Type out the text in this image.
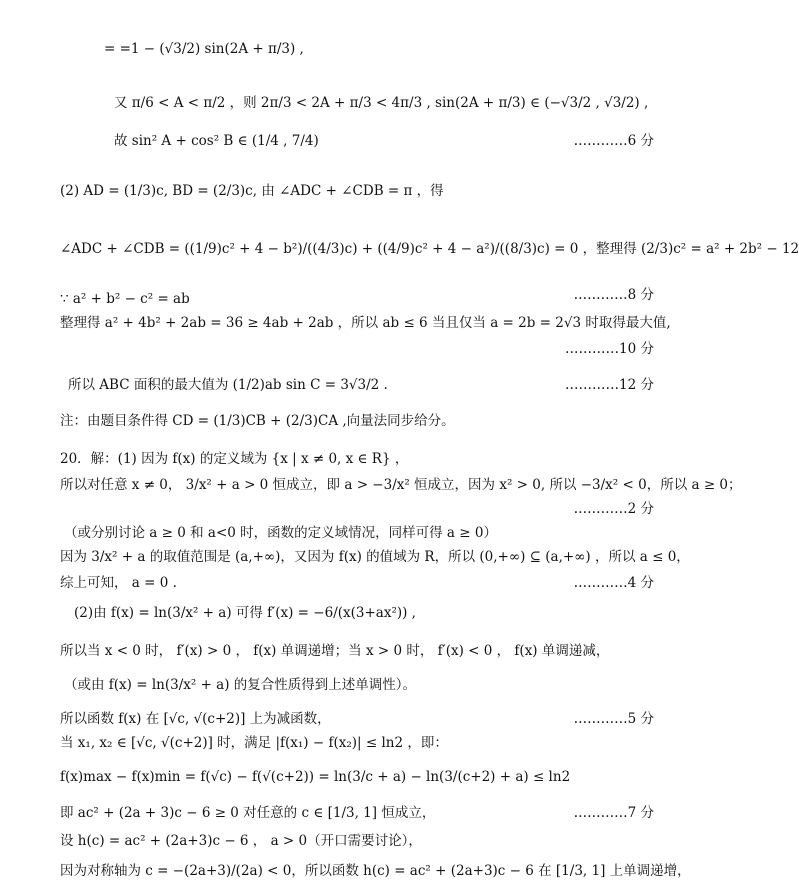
= =1 − (√3/2) sin(2A + π/3) ,
又 π/6 < A < π/2 ，则 2π/3 < 2A + π/3 < 4π/3 , sin(2A + π/3) ∈ (−√3/2 , √3/2) ,
故 sin² A + cos² B ∈ (1/4 , 7/4)
(2) AD = (1/3)c, BD = (2/3)c, 由 ∠ADC + ∠CDB = π ，得
∠ADC + ∠CDB = ((1/9)c² + 4 − b²)/((4/3)c) + ((4/9)c² + 4 − a²)/((8/3)c) = 0 ，整理得 (2/3)c² = a² + 2b² − 12
∵ a² + b² − c² = ab
整理得 a² + 4b² + 2ab = 36 ≥ 4ab + 2ab ，所以 ab ≤ 6 当且仅当 a = 2b = 2√3 时取得最大值,
所以 ABC 面积的最大值为 (1/2)ab sin C = 3√3/2 .
注：由题目条件得 CD = (1/3)CB + (2/3)CA ,向量法同步给分。
20．解：(1) 因为 f(x) 的定义域为 {x | x ≠ 0, x ∈ R} ，
所以对任意 x ≠ 0， 3/x² + a > 0 恒成立，即 a > −3/x² 恒成立，因为 x² > 0, 所以 −3/x² < 0，所以 a ≥ 0；
（或分别讨论 a ≥ 0 和 a<0 时，函数的定义域情况，同样可得 a ≥ 0）
因为 3/x² + a 的取值范围是 (a,+∞)，又因为 f(x) 的值域为 R，所以 (0,+∞) ⊆ (a,+∞) ，所以 a ≤ 0，
综上可知， a = 0 .
(2)由 f(x) = ln(3/x² + a) 可得 f′(x) = −6/(x(3+ax²)) ,
所以当 x < 0 时， f′(x) > 0 ， f(x) 单调递增；当 x > 0 时， f′(x) < 0 ， f(x) 单调递减，
（或由 f(x) = ln(3/x² + a) 的复合性质得到上述单调性）。
所以函数 f(x) 在 [√c, √(c+2)] 上为减函数，
当 x₁, x₂ ∈ [√c, √(c+2)] 时，满足 |f(x₁) − f(x₂)| ≤ ln2 ，即：
f(x)max − f(x)min = f(√c) − f(√(c+2)) = ln(3/c + a) − ln(3/(c+2) + a) ≤ ln2
即 ac² + (2a + 3)c − 6 ≥ 0 对任意的 c ∈ [1/3, 1] 恒成立，
设 h(c) = ac² + (2a+3)c − 6 ， a > 0（开口需要讨论），
因为对称轴为 c = −(2a+3)/(2a) < 0，所以函数 h(c) = ac² + (2a+3)c − 6 在 [1/3, 1] 上单调递增，
…………6 分
…………8 分
…………10 分
…………12 分
…………2 分
…………4 分
…………5 分
…………7 分
